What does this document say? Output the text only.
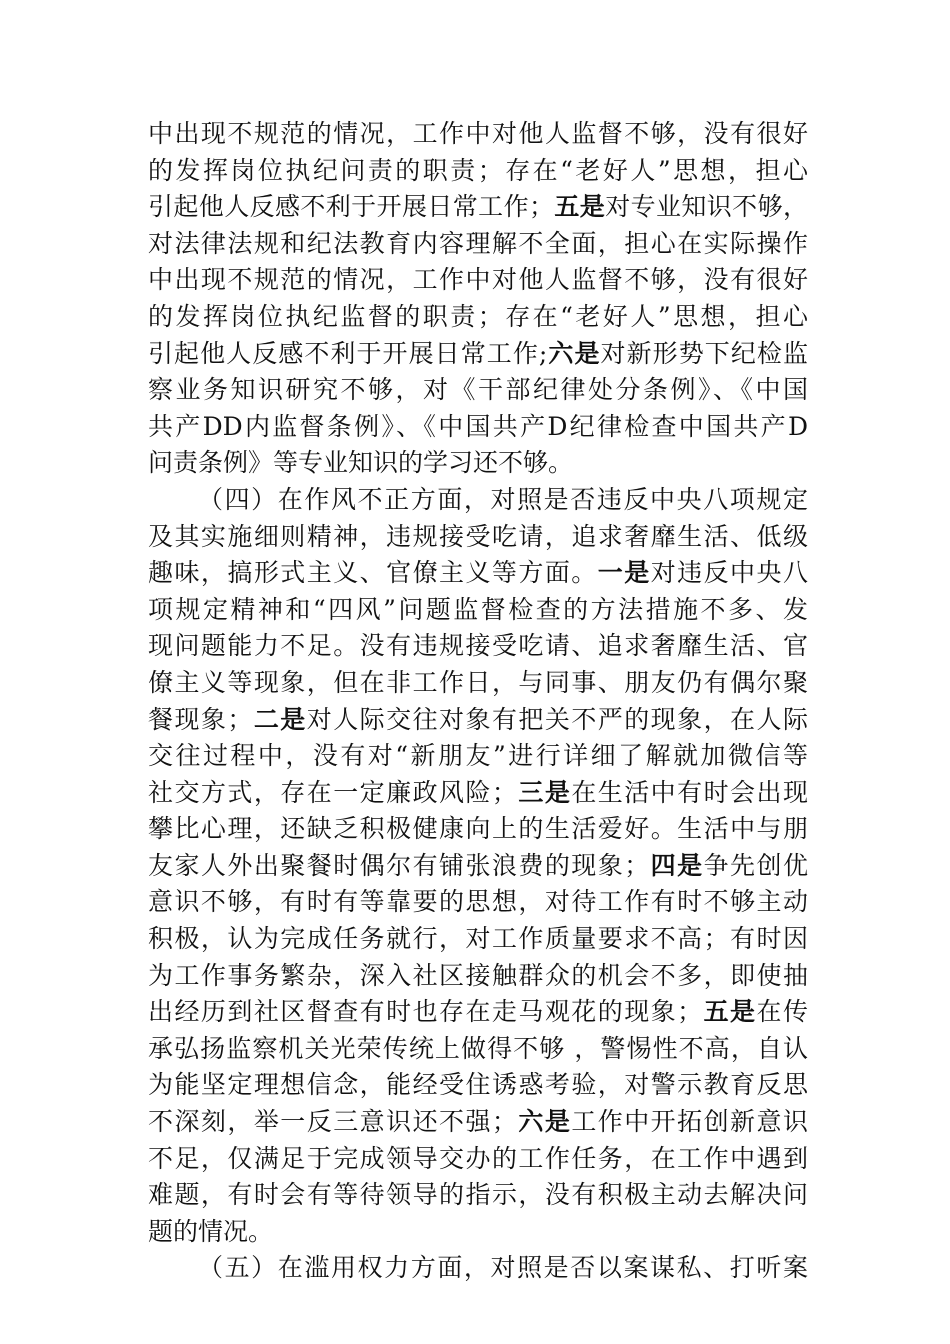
中出现不规范的情况，工作中对他人监督不够，没有很好
的发挥岗位执纪问责的职责；存在“老好人”思想，担心
引起他人反感不利于开展日常工作；五是对专业知识不够，
对法律法规和纪法教育内容理解不全面，担心在实际操作
中出现不规范的情况，工作中对他人监督不够，没有很好
的发挥岗位执纪监督的职责；存在“老好人”思想，担心
引起他人反感不利于开展日常工作;六是对新形势下纪检监
察业务知识研究不够，对《干部纪律处分条例》、《中国
共产DD内监督条例》、《中国共产D纪律检查中国共产D
问责条例》等专业知识的学习还不够。
（四）在作风不正方面，对照是否违反中央八项规定
及其实施细则精神，违规接受吃请，追求奢靡生活、低级
趣味，搞形式主义、官僚主义等方面。一是对违反中央八
项规定精神和“四风”问题监督检查的方法措施不多、发
现问题能力不足。没有违规接受吃请、追求奢靡生活、官
僚主义等现象，但在非工作日，与同事、朋友仍有偶尔聚
餐现象；二是对人际交往对象有把关不严的现象，在人际
交往过程中，没有对“新朋友”进行详细了解就加微信等
社交方式，存在一定廉政风险；三是在生活中有时会出现
攀比心理，还缺乏积极健康向上的生活爱好。生活中与朋
友家人外出聚餐时偶尔有铺张浪费的现象；四是争先创优
意识不够，有时有等靠要的思想，对待工作有时不够主动
积极，认为完成任务就行，对工作质量要求不高；有时因
为工作事务繁杂，深入社区接触群众的机会不多，即使抽
出经历到社区督查有时也存在走马观花的现象；五是在传
承弘扬监察机关光荣传统上做得不够 ，警惕性不高，自认
为能坚定理想信念，能经受住诱惑考验，对警示教育反思
不深刻，举一反三意识还不强；六是工作中开拓创新意识
不足，仅满足于完成领导交办的工作任务，在工作中遇到
难题，有时会有等待领导的指示，没有积极主动去解决问
题的情况。
（五）在滥用权力方面，对照是否以案谋私、打听案
